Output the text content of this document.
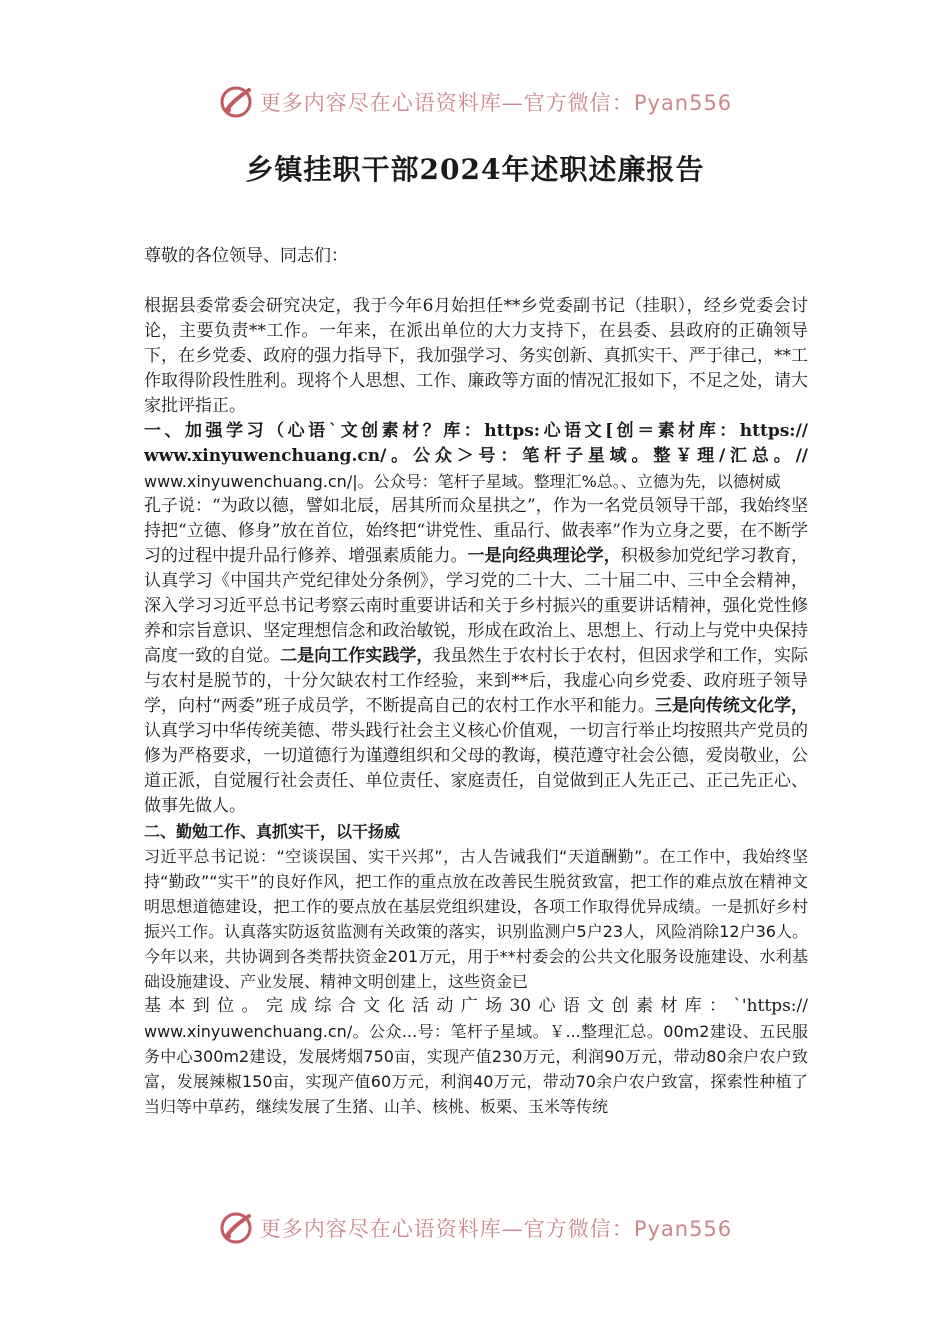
更多内容尽在心语资料库—官方微信：Pyan556
乡镇挂职干部2024年述职述廉报告

尊敬的各位领导、同志们：

根据县委常委会研究决定，我于今年6月始担任**乡党委副书记（挂职），经乡党委会讨论，主要负责**工作。一年来，在派出单位的大力支持下，在县委、县政府的正确领导下，在乡党委、政府的强力指导下，我加强学习、务实创新、真抓实干、严于律己，**工作取得阶段性胜利。现将个人思想、工作、廉政等方面的情况汇报如下，不足之处，请大家批评指正。

一、加强学习（心语`文创素材？库：https:心语文[创＝素材库：https://
www.xinyuwenchuang.cn/。公众＞号：笔杆子星域。整￥理/汇总。//
www.xinyuwenchuang.cn/|。公众号：笔杆子星域。整理汇%总。、立德为先，以德树威

孔子说：“为政以德，譬如北辰，居其所而众星拱之”，作为一名党员领导干部，我始终坚持把“立德、修身”放在首位，始终把“讲党性、重品行、做表率”作为立身之要，在不断学习的过程中提升品行修养、增强素质能力。一是向经典理论学，积极参加党纪学习教育，认真学习《中国共产党纪律处分条例》，学习党的二十大、二十届二中、三中全会精神，深入学习习近平总书记考察云南时重要讲话和关于乡村振兴的重要讲话精神，强化党性修养和宗旨意识、坚定理想信念和政治敏锐，形成在政治上、思想上、行动上与党中央保持高度一致的自觉。二是向工作实践学，我虽然生于农村长于农村，但因求学和工作，实际与农村是脱节的，十分欠缺农村工作经验，来到**后，我虚心向乡党委、政府班子领导学，向村“两委”班子成员学，不断提高自己的农村工作水平和能力。三是向传统文化学，认真学习中华传统美德、带头践行社会主义核心价值观，一切言行举止均按照共产党员的修为严格要求，一切道德行为谨遵组织和父母的教诲，模范遵守社会公德，爱岗敬业，公道正派，自觉履行社会责任、单位责任、家庭责任，自觉做到正人先正己、正己先正心、做事先做人。

二、勤勉工作、真抓实干，以干扬威

习近平总书记说：“空谈误国、实干兴邦”，古人告诫我们“天道酬勤”。在工作中，我始终坚持“勤政”“实干”的良好作风，把工作的重点放在改善民生脱贫致富，把工作的难点放在精神文明思想道德建设，把工作的要点放在基层党组织建设，各项工作取得优异成绩。一是抓好乡村振兴工作。认真落实防返贫监测有关政策的落实，识别监测户5户23人，风险消除12户36人。今年以来，共协调到各类帮扶资金201万元，用于**村委会的公共文化服务设施建设、水利基础设施建设、产业发展、精神文明创建上，这些资金已

基本到位。完成综合文化活动广场30心语文创素材库：`'https://

www.xinyuwenchuang.cn/。公众...号：笔杆子星域。￥...整理汇总。00m2建设、五民服务中心300m2建设，发展烤烟750亩，实现产值230万元，利润90万元，带动80余户农户致富，发展辣椒150亩，实现产值60万元，利润40万元，带动70余户农户致富，探索性种植了当归等中草药，继续发展了生猪、山羊、核桃、板栗、玉米等传统

更多内容尽在心语资料库—官方微信：Pyan556
